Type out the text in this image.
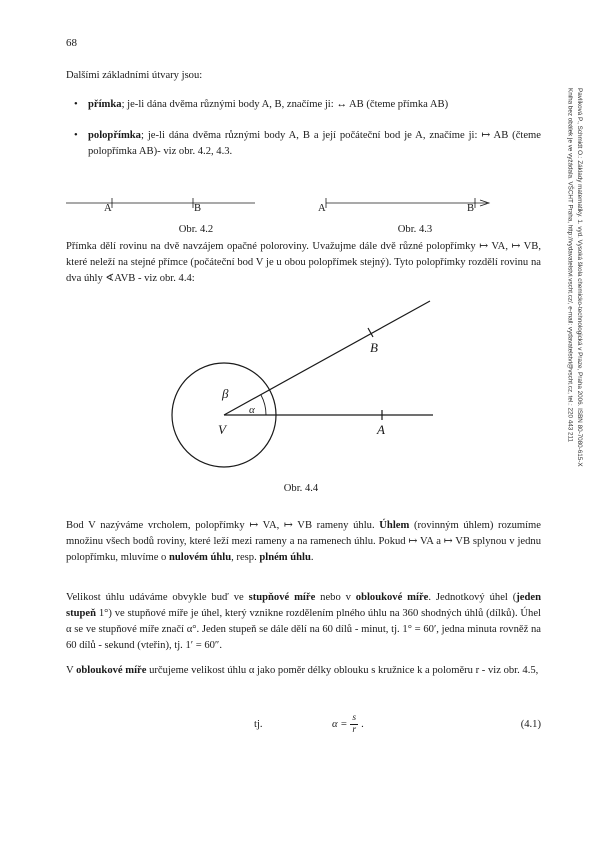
68
Pavlíková P., Schmidt O.: Základy matematiky. 1. vyd. Vysoká škola chemicko-technologická v Praze, Praha 2006. ISBN 80-7080-615-X
Kniha bez obálek je ve vyžádala. VŠCHT Praha, http://vydavatelstvi.vscht.cz/, e-mail: vydavatelstvi@vscht.cz, tel.: 220 443 211
Dalšími základními útvary jsou:
• přímka; je-li dána dvěma různými body A, B, značíme ji: ↔ AB (čteme přímka AB)
• polopřímka; je-li dána dvěma různými body A, B a její počáteční bod je A, značíme ji: ↦ AB (čteme polopřímka AB)- viz obr. 4.2, 4.3.
A	B
Obr. 4.2
A	B
Obr. 4.3
Přímka dělí rovinu na dvě navzájem opačné poloroviny. Uvažujme dále dvě různé polopřímky ↦ VA, ↦ VB, které neleží na stejné přímce (počáteční bod V je u obou polopřímek stejný). Tyto polopřímky rozdělí rovinu na dva úhly ∢AVB - viz obr. 4.4:
β
α
V	A
B
Obr. 4.4
Bod V nazýváme vrcholem, polopřímky ↦ VA, ↦ VB rameny úhlu. Úhlem (rovinným úhlem) rozumíme množinu všech bodů roviny, které leží mezi rameny a na ramenech úhlu. Pokud ↦ VA a ↦ VB splynou v jednu polopřímku, mluvíme o nulovém úhlu, resp. plném úhlu.
Velikost úhlu udáváme obvykle buď ve stupňové míře nebo v obloukové míře. Jednotkový úhel (jeden stupeň 1°) ve stupňové míře je úhel, který vznikne rozdělením plného úhlu na 360 shodných úhlů (dílků). Úhel α se ve stupňové míře značí α°. Jeden stupeň se dále dělí na 60 dílů - minut, tj. 1° = 60′, jedna minuta rovněž na 60 dílů - sekund (vteřin), tj. 1′ = 60″.
V obloukové míře určujeme velikost úhlu α jako poměr délky oblouku s kružnice k a poloměru r - viz obr. 4.5,
tj.	$\alpha = \frac{s}{r}$ .	(4.1)
